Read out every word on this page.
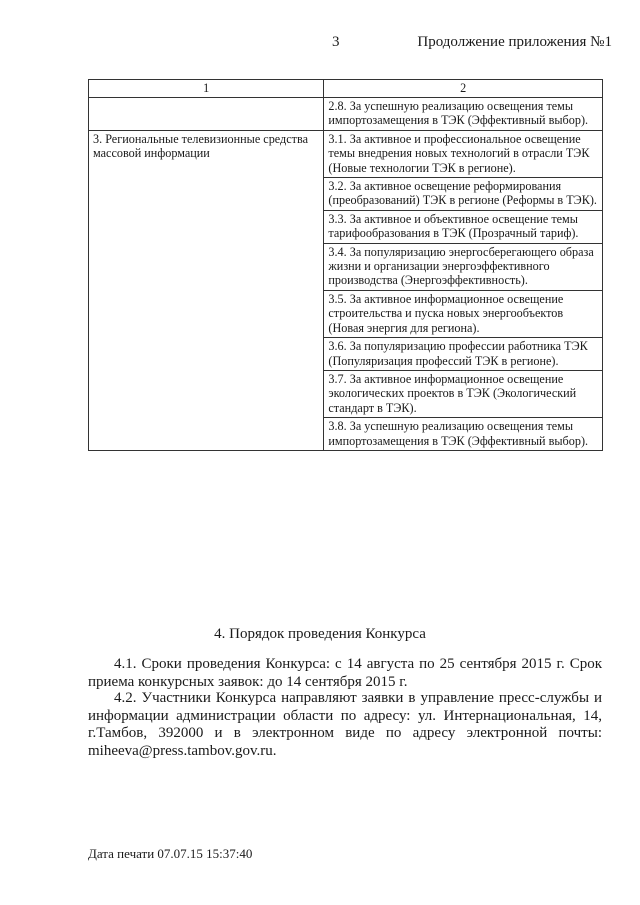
3	Продолжение приложения №1
1	2
	2.8. За успешную реализацию освещения темы импортозамещения в ТЭК (Эффективный выбор).
3. Региональные телевизионные средства массовой информации	3.1. За активное и профессиональное освещение темы внедрения новых технологий в отрасли ТЭК (Новые технологии ТЭК в регионе).
	3.2. За активное освещение реформирования (преобразований) ТЭК в регионе (Реформы в ТЭК).
	3.3. За активное и объективное освещение темы тарифообразования в ТЭК (Прозрачный тариф).
	3.4. За популяризацию энергосберегающего образа жизни и организации энергоэффективного производства (Энергоэффективность).
	3.5. За активное информационное освещение строительства и пуска новых энергообъектов (Новая энергия для региона).
	3.6. За популяризацию профессии работника ТЭК (Популяризация профессий ТЭК в регионе).
	3.7. За активное информационное освещение экологических проектов в ТЭК (Экологический стандарт в ТЭК).
	3.8. За успешную реализацию освещения темы импортозамещения в ТЭК (Эффективный выбор).
4. Порядок проведения Конкурса
4.1. Сроки проведения Конкурса: с 14 августа по 25 сентября 2015 г. Срок приема конкурсных заявок: до 14 сентября 2015 г.
4.2. Участники Конкурса направляют заявки в управление пресс-службы и информации администрации области по адресу: ул. Интернациональная, 14, г.Тамбов, 392000 и в электронном виде по адресу электронной почты: miheeva@press.tambov.gov.ru.
Дата печати 07.07.15 15:37:40
